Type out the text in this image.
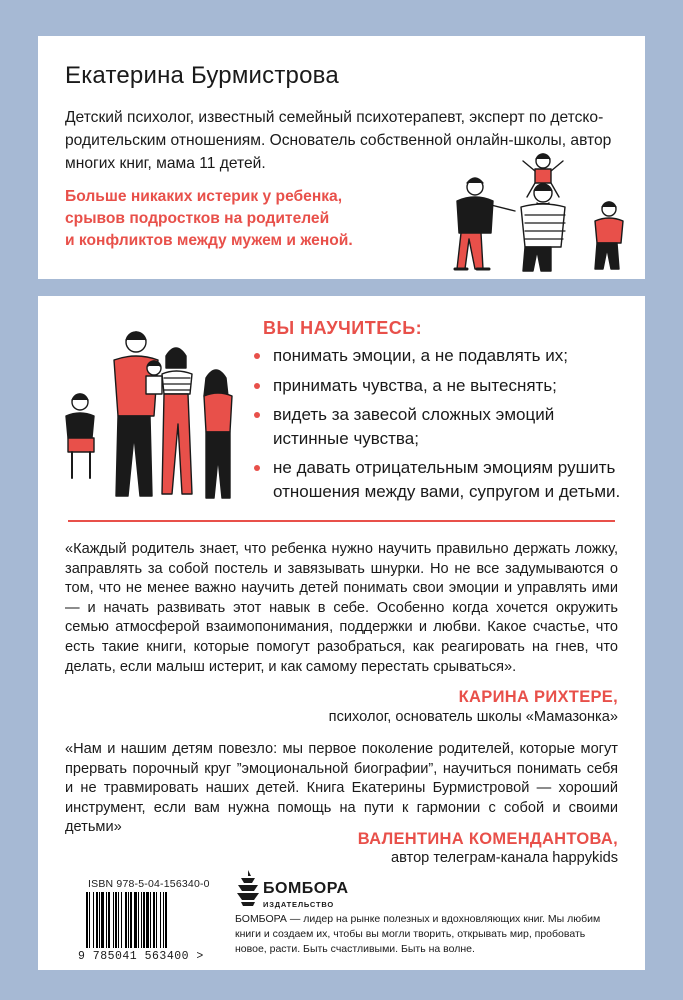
Екатерина Бурмистрова
Детский психолог, известный семейный психотерапевт, эксперт по детско-родительским отношениям. Основатель собственной онлайн-школы, автор многих книг, мама 11 детей.
Больше никаких истерик у ребенка,
срывов подростков на родителей
и конфликтов между мужем и женой.
ВЫ НАУЧИТЕСЬ:
понимать эмоции, а не подавлять их;
принимать чувства, а не вытеснять;
видеть за завесой сложных эмоций истинные чувства;
не давать отрицательным эмоциям рушить отношения между вами, супругом и детьми.
«Каждый родитель знает, что ребенка нужно научить правильно держать ложку, заправлять за собой постель и завязывать шнурки. Но не все задумываются о том, что не менее важно научить детей понимать свои эмоции и управлять ими — и начать развивать этот навык в себе. Особенно когда хочется окружить семью атмосферой взаимопонимания, поддержки и любви. Какое счастье, что есть такие книги, которые помогут разобраться, как реагировать на гнев, что делать, если малыш истерит, и как самому перестать срываться».
КАРИНА РИХТЕРЕ,
психолог, основатель школы «Мамазонка»
«Нам и нашим детям повезло: мы первое поколение родителей, которые могут прервать порочный круг ”эмоциональной биографии”, научиться понимать себя и не травмировать наших детей. Книга Екатерины Бурмистровой — хороший инструмент, если вам нужна помощь на пути к гармонии с собой и своими детьми»
ВАЛЕНТИНА КОМЕНДАНТОВА,
автор телеграм-канала happykids
ISBN 978-5-04-156340-0
9 785041 563400 >
БОМБОРА
ИЗДАТЕЛЬСТВО
БОМБОРА — лидер на рынке полезных и вдохновляющих книг. Мы любим книги и создаем их, чтобы вы могли творить, открывать мир, пробовать новое, расти. Быть счастливыми. Быть на волне.
